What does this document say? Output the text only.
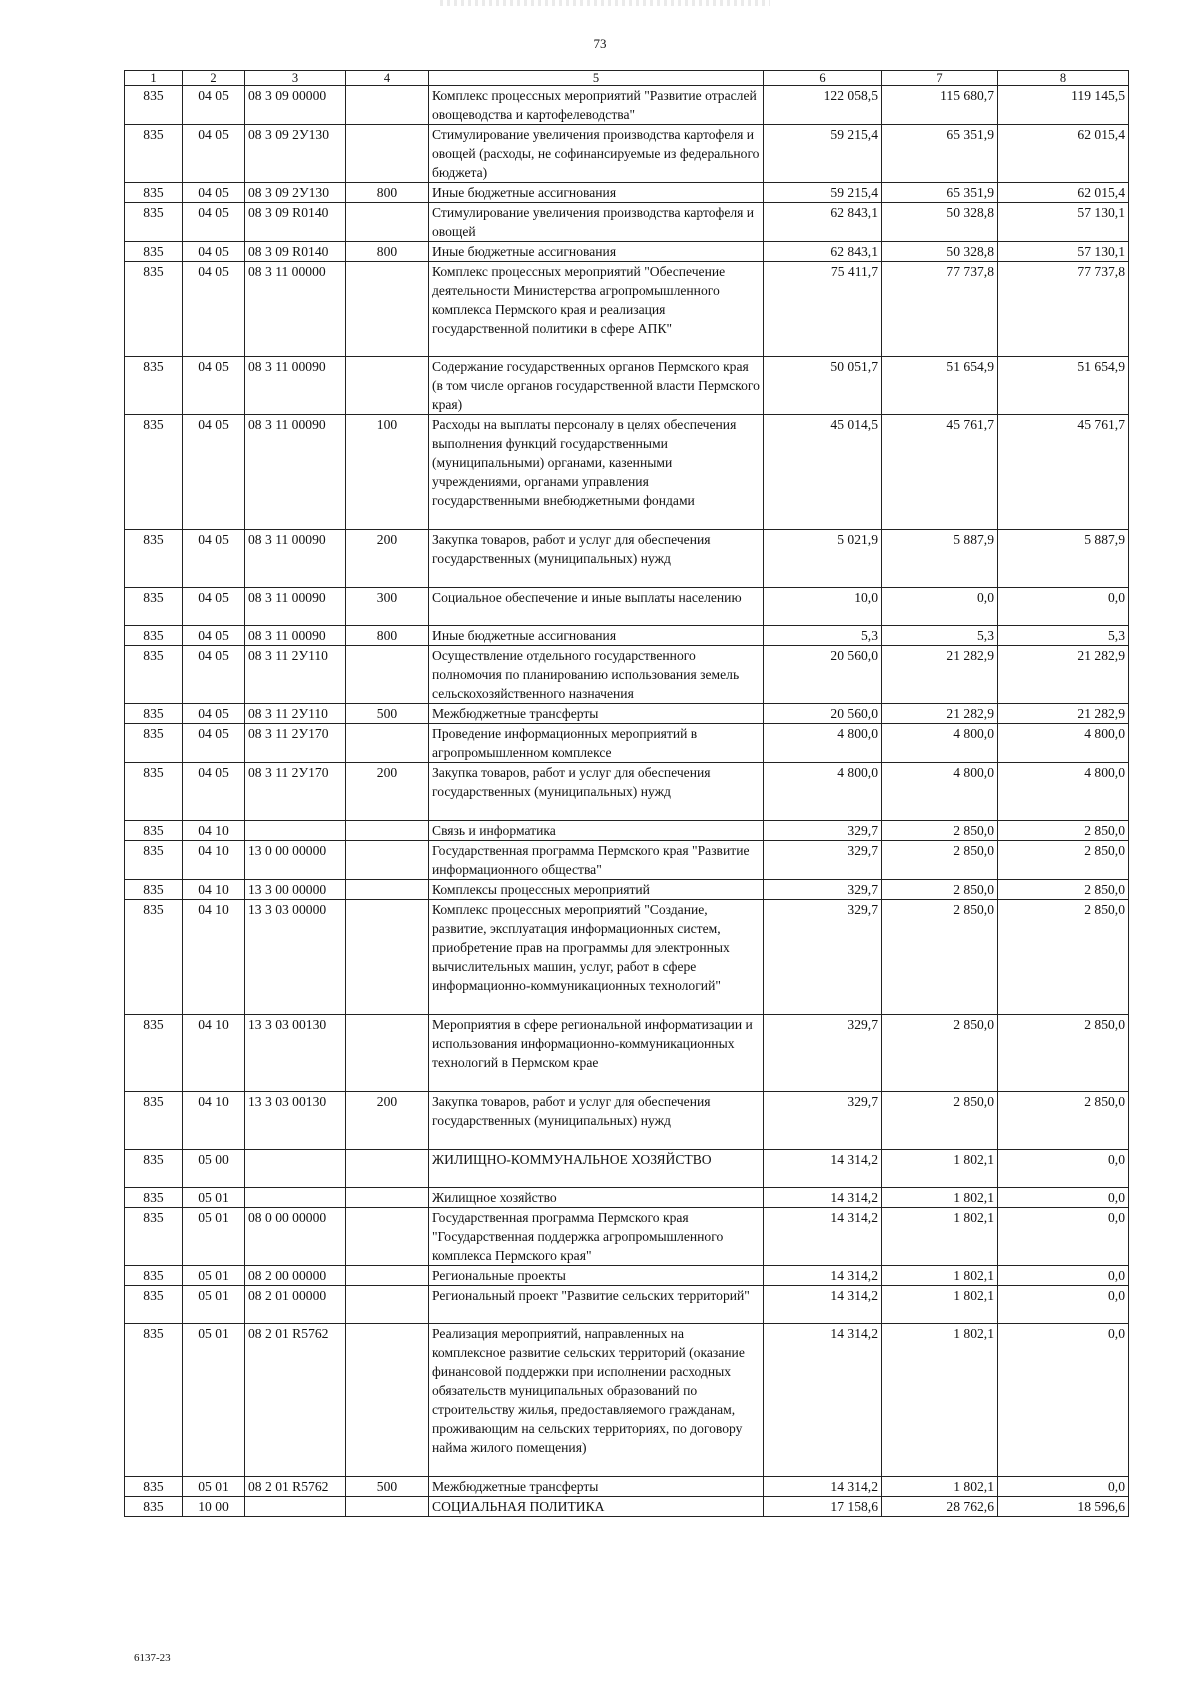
73
1	2	3	4	5	6	7	8
835	04 05	08 3 09 00000		Комплекс процессных мероприятий "Развитие отраслей овощеводства и картофелеводства"	122 058,5	115 680,7	119 145,5
835	04 05	08 3 09 2У130		Стимулирование увеличения производства картофеля и овощей (расходы, не софинансируемые из федерального бюджета)	59 215,4	65 351,9	62 015,4
835	04 05	08 3 09 2У130	800	Иные бюджетные ассигнования	59 215,4	65 351,9	62 015,4
835	04 05	08 3 09 R0140		Стимулирование увеличения производства картофеля и овощей	62 843,1	50 328,8	57 130,1
835	04 05	08 3 09 R0140	800	Иные бюджетные ассигнования	62 843,1	50 328,8	57 130,1
835	04 05	08 3 11 00000		Комплекс процессных мероприятий "Обеспечение деятельности Министерства агропромышленного комплекса Пермского края и реализация государственной политики в сфере АПК"	75 411,7	77 737,8	77 737,8
835	04 05	08 3 11 00090		Содержание государственных органов Пермского края (в том числе органов государственной власти Пермского края)	50 051,7	51 654,9	51 654,9
835	04 05	08 3 11 00090	100	Расходы на выплаты персоналу в целях обеспечения выполнения функций государственными (муниципальными) органами, казенными учреждениями, органами управления государственными внебюджетными фондами	45 014,5	45 761,7	45 761,7
835	04 05	08 3 11 00090	200	Закупка товаров, работ и услуг для обеспечения государственных (муниципальных) нужд	5 021,9	5 887,9	5 887,9
835	04 05	08 3 11 00090	300	Социальное обеспечение и иные выплаты населению	10,0	0,0	0,0
835	04 05	08 3 11 00090	800	Иные бюджетные ассигнования	5,3	5,3	5,3
835	04 05	08 3 11 2У110		Осуществление отдельного государственного полномочия по планированию использования земель сельскохозяйственного назначения	20 560,0	21 282,9	21 282,9
835	04 05	08 3 11 2У110	500	Межбюджетные трансферты	20 560,0	21 282,9	21 282,9
835	04 05	08 3 11 2У170		Проведение информационных мероприятий в агропромышленном комплексе	4 800,0	4 800,0	4 800,0
835	04 05	08 3 11 2У170	200	Закупка товаров, работ и услуг для обеспечения государственных (муниципальных) нужд	4 800,0	4 800,0	4 800,0
835	04 10			Связь и информатика	329,7	2 850,0	2 850,0
835	04 10	13 0 00 00000		Государственная программа Пермского края "Развитие информационного общества"	329,7	2 850,0	2 850,0
835	04 10	13 3 00 00000		Комплексы процессных мероприятий	329,7	2 850,0	2 850,0
835	04 10	13 3 03 00000		Комплекс процессных мероприятий "Создание, развитие, эксплуатация информационных систем, приобретение прав на программы для электронных вычислительных машин, услуг, работ в сфере информационно-коммуникационных технологий"	329,7	2 850,0	2 850,0
835	04 10	13 3 03 00130		Мероприятия в сфере региональной информатизации и использования информационно-коммуникационных технологий в Пермском крае	329,7	2 850,0	2 850,0
835	04 10	13 3 03 00130	200	Закупка товаров, работ и услуг для обеспечения государственных (муниципальных) нужд	329,7	2 850,0	2 850,0
835	05 00			ЖИЛИЩНО-КОММУНАЛЬНОЕ ХОЗЯЙСТВО	14 314,2	1 802,1	0,0
835	05 01			Жилищное хозяйство	14 314,2	1 802,1	0,0
835	05 01	08 0 00 00000		Государственная программа Пермского края "Государственная поддержка агропромышленного комплекса Пермского края"	14 314,2	1 802,1	0,0
835	05 01	08 2 00 00000		Региональные проекты	14 314,2	1 802,1	0,0
835	05 01	08 2 01 00000		Региональный проект "Развитие сельских территорий"	14 314,2	1 802,1	0,0
835	05 01	08 2 01 R5762		Реализация мероприятий, направленных на комплексное развитие сельских территорий (оказание финансовой поддержки при исполнении расходных обязательств муниципальных образований по строительству жилья, предоставляемого гражданам, проживающим на сельских территориях, по договору найма жилого помещения)	14 314,2	1 802,1	0,0
835	05 01	08 2 01 R5762	500	Межбюджетные трансферты	14 314,2	1 802,1	0,0
835	10 00			СОЦИАЛЬНАЯ ПОЛИТИКА	17 158,6	28 762,6	18 596,6
6137-23
